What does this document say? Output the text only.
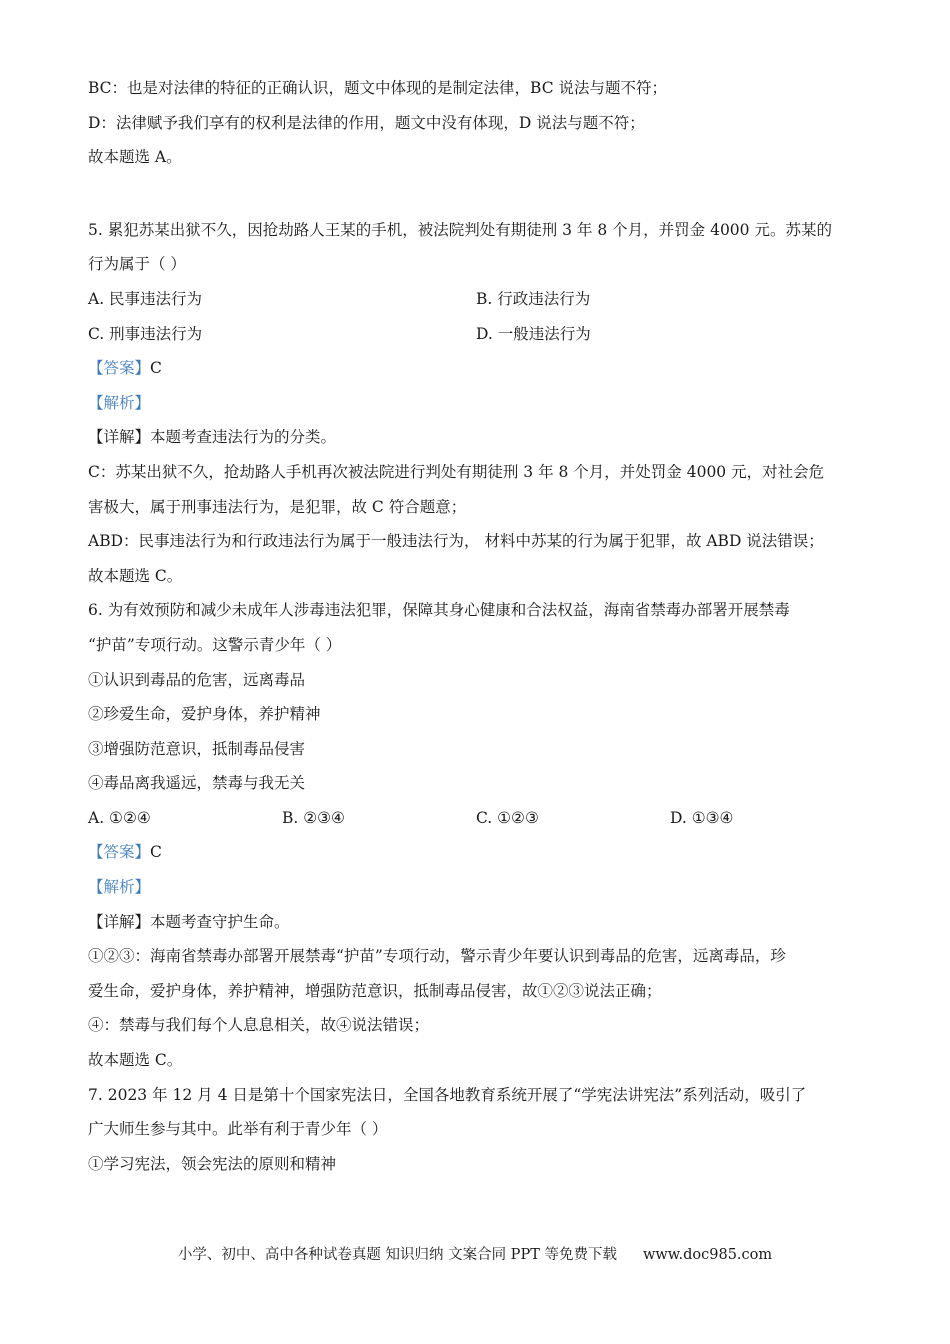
BC：也是对法律的特征的正确认识，题文中体现的是制定法律，BC 说法与题不符；
D：法律赋予我们享有的权利是法律的作用，题文中没有体现，D 说法与题不符；
故本题选 A。
5. 累犯苏某出狱不久，因抢劫路人王某的手机，被法院判处有期徒刑 3 年 8 个月，并罚金 4000 元。苏某的
行为属于（ ）
A. 民事违法行为	B. 行政违法行为
C. 刑事违法行为	D. 一般违法行为
【答案】C
【解析】
【详解】本题考查违法行为的分类。
C：苏某出狱不久，抢劫路人手机再次被法院进行判处有期徒刑 3 年 8 个月，并处罚金 4000 元，对社会危
害极大，属于刑事违法行为，是犯罪，故 C 符合题意；
ABD：民事违法行为和行政违法行为属于一般违法行为， 材料中苏某的行为属于犯罪，故 ABD 说法错误；
故本题选 C。
6. 为有效预防和减少未成年人涉毒违法犯罪，保障其身心健康和合法权益，海南省禁毒办部署开展禁毒
“护苗”专项行动。这警示青少年（ ）
①认识到毒品的危害，远离毒品
②珍爱生命，爱护身体，养护精神
③增强防范意识，抵制毒品侵害
④毒品离我遥远，禁毒与我无关
A. ①②④	B. ②③④	C. ①②③	D. ①③④
【答案】C
【解析】
【详解】本题考查守护生命。
①②③：海南省禁毒办部署开展禁毒“护苗”专项行动，警示青少年要认识到毒品的危害，远离毒品，珍
爱生命，爱护身体，养护精神，增强防范意识，抵制毒品侵害，故①②③说法正确；
④：禁毒与我们每个人息息相关，故④说法错误；
故本题选 C。
7. 2023 年 12 月 4 日是第十个国家宪法日，全国各地教育系统开展了“学宪法讲宪法”系列活动，吸引了
广大师生参与其中。此举有利于青少年（ ）
①学习宪法，领会宪法的原则和精神
小学、初中、高中各种试卷真题 知识归纳 文案合同 PPT 等免费下载 www.doc985.com
